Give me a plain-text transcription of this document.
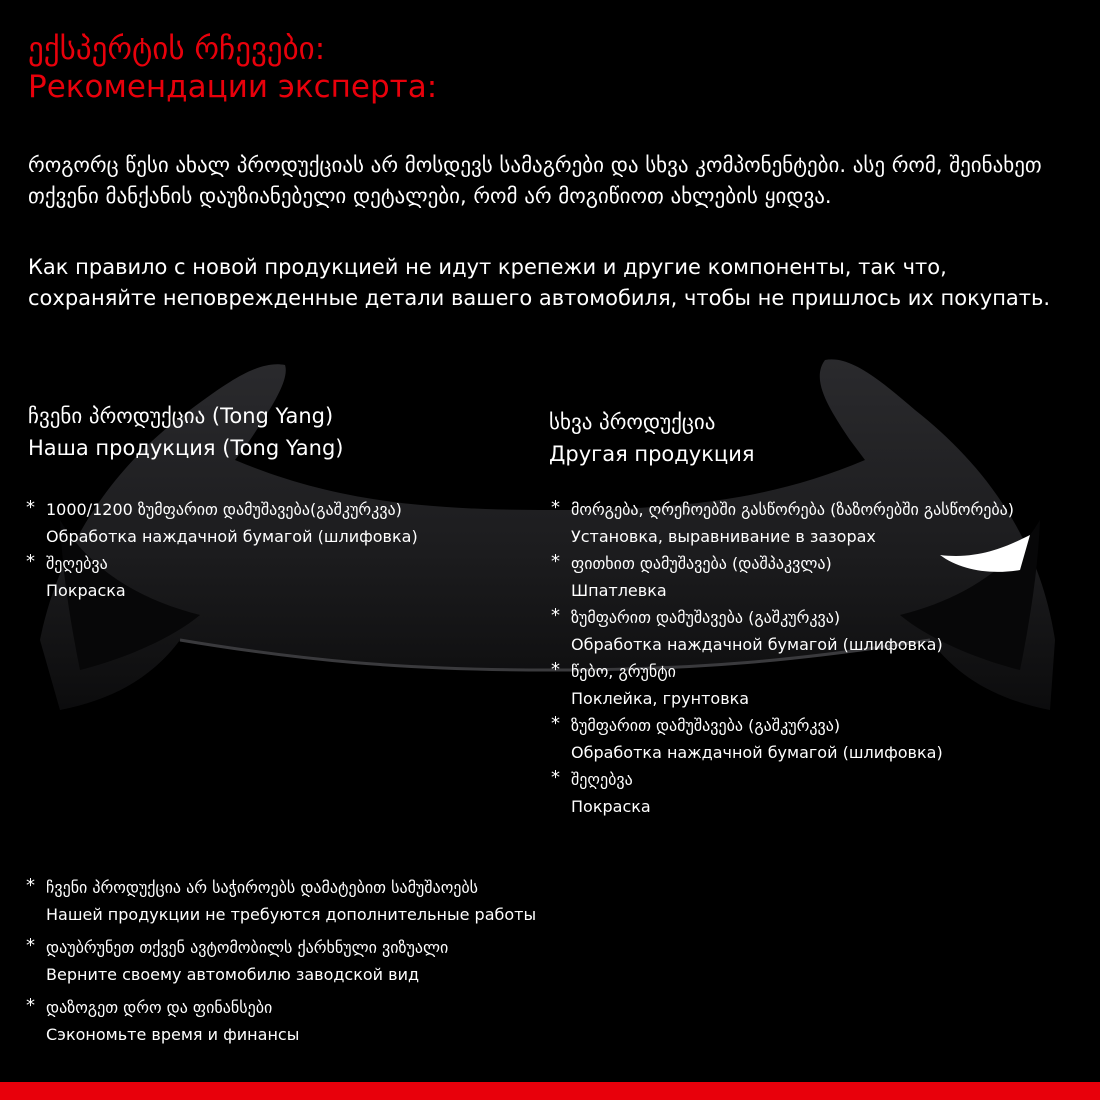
ექსპერტის რჩევები:
Рекомендации эксперта:
როგორც წესი ახალ პროდუქციას არ მოსდევს სამაგრები და სხვა კომპონენტები. ასე რომ, შეინახეთ თქვენი მანქანის დაუზიანებელი დეტალები, რომ არ მოგიწიოთ ახლების ყიდვა.
Как правило с новой продукцией не идут крепежи и другие компоненты, так что, сохраняйте неповрежденные детали вашего автомобиля, чтобы не пришлось их покупать.
ჩვენი პროდუქცია (Tong Yang)
Наша продукция (Tong Yang)
სხვა პროდუქცია
Другая продукция
* 1000/1200 ზუმფარით დამუშავება(გაშკურკვა)
Обработка наждачной бумагой (шлифовка)
* შეღებვა
Покраска
* მორგება, ღრეჩოებში გასწორება (ზაზორებში გასწორება)
Установка, выравнивание в зазорах
* ფითხით დამუშავება (დაშპაკვლა)
Шпатлевка
* ზუმფარით დამუშავება (გაშკურკვა)
Обработка наждачной бумагой (шлифовка)
* წებო, გრუნტი
Поклейка, грунтовка
* ზუმფარით დამუშავება (გაშკურკვა)
Обработка наждачной бумагой (шлифовка)
* შეღებვა
Покраска
* ჩვენი პროდუქცია არ საჭიროებს დამატებით სამუშაოებს
Нашей продукции не требуются дополнительные работы
* დაუბრუნეთ თქვენ ავტომობილს ქარხნული ვიზუალი
Верните своему автомобилю заводской вид
* დაზოგეთ დრო და ფინანსები
Сэкономьте время и финансы
